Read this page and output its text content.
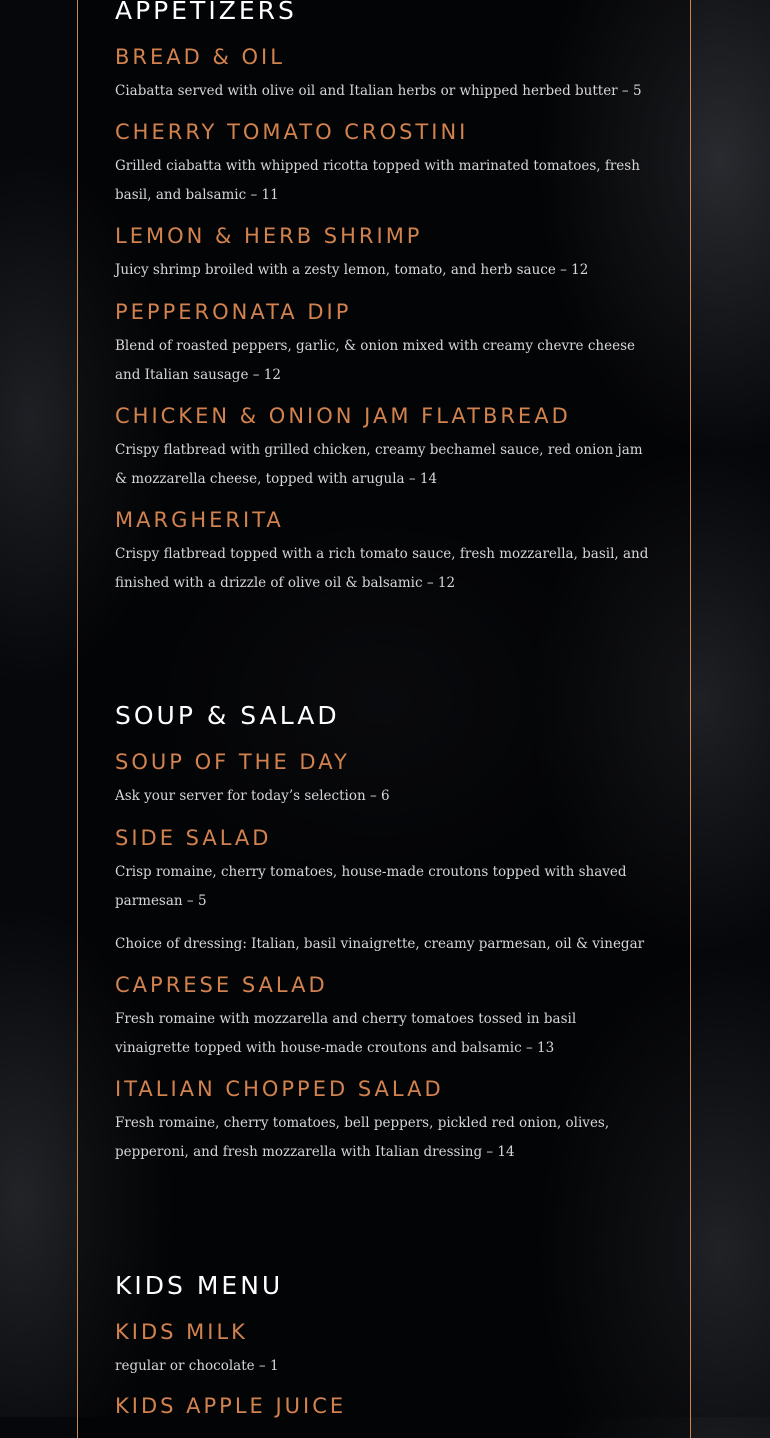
APPETIZERS
BREAD & OIL

Ciabatta served with olive oil and Italian herbs or whipped herbed butter – 5

CHERRY TOMATO CROSTINI

Grilled ciabatta with whipped ricotta topped with marinated tomatoes, fresh basil, and balsamic – 11

LEMON & HERB SHRIMP

Juicy shrimp broiled with a zesty lemon, tomato, and herb sauce – 12

PEPPERONATA DIP

Blend of roasted peppers, garlic, & onion mixed with creamy chevre cheese and Italian sausage – 12

CHICKEN & ONION JAM FLATBREAD

Crispy flatbread with grilled chicken, creamy bechamel sauce, red onion jam & mozzarella cheese, topped with arugula – 14

MARGHERITA

Crispy flatbread topped with a rich tomato sauce, fresh mozzarella, basil, and finished with a drizzle of olive oil & balsamic – 12

SOUP & SALAD
SOUP OF THE DAY

Ask your server for today’s selection – 6

SIDE SALAD

Crisp romaine, cherry tomatoes, house-made croutons topped with shaved parmesan – 5

Choice of dressing: Italian, basil vinaigrette, creamy parmesan, oil & vinegar

CAPRESE SALAD

Fresh romaine with mozzarella and cherry tomatoes tossed in basil vinaigrette topped with house-made croutons and balsamic – 13

ITALIAN CHOPPED SALAD

Fresh romaine, cherry tomatoes, bell peppers, pickled red onion, olives, pepperoni, and fresh mozzarella with Italian dressing – 14

KIDS MENU
KIDS MILK

regular or chocolate – 1

KIDS APPLE JUICE
